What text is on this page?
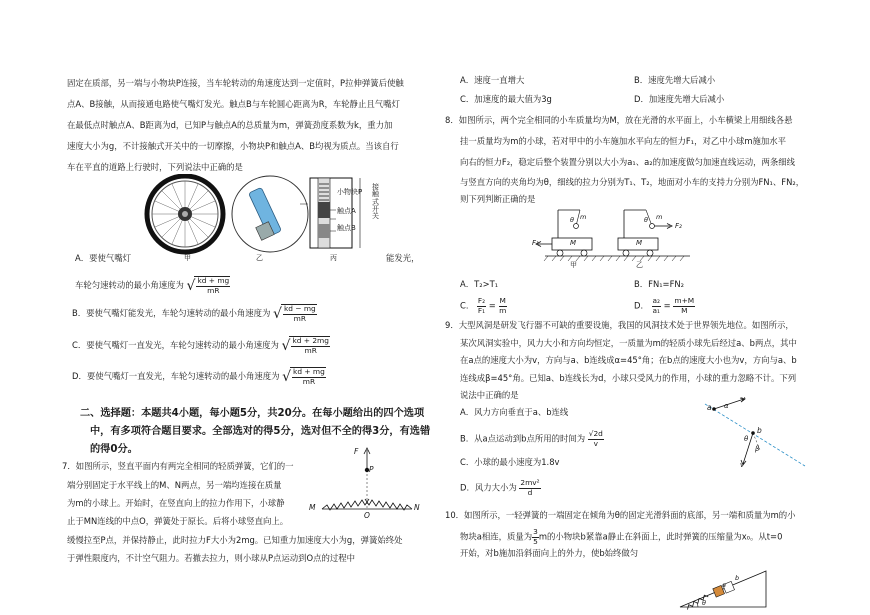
固定在质部，另一端与小物块P连接，当车轮转动的角速度达到一定值时，P拉伸弹簧后使触
点A、B接触，从而接通电路使气嘴灯发光。触点B与车轮圆心距离为R，车轮静止且气嘴灯
在最低点时触点A、B距离为d，已知P与触点A的总质量为m，弹簧劲度系数为k，重力加
速度大小为g，不计接触式开关中的一切摩擦，小物块P和触点A、B均视为质点。当该自行
车在平直的道路上行驶时，下列说法中正确的是
小物块P
触点A
触点B
接触式开关
甲	乙	丙
A．要使气嘴灯	能发光，
车轮匀速转动的最小角速度为 √ $\frac{kd + mg}{mR}$
B．要使气嘴灯能发光，车轮匀速转动的最小角速度为 √ $\frac{kd - mg}{mR}$
C．要使气嘴灯一直发光，车轮匀速转动的最小角速度为 √ $\frac{kd + 2mg}{mR}$
D．要使气嘴灯一直发光，车轮匀速转动的最小角速度为 √ $\frac{kd + mg}{mR}$
二、选择题：本题共4小题，每小题5分，共20分。在每小题给出的四个选项
中，有多项符合题目要求。全部选对的得5分，选对但不全的得3分，有选错
的得0分。
7．如图所示，竖直平面内有两完全相同的轻质弹簧，它们的一
端分别固定于水平线上的M、N两点，另一端均连接在质量
为m的小球上。开始时，在竖直向上的拉力作用下，小球静
止于MN连线的中点O，弹簧处于原长。后将小球竖直向上。
缓慢拉至P点，并保持静止，此时拉力F大小为2mg。已知重力加速度大小为g，弹簧始终处
于弹性限度内，不计空气阻力。若撤去拉力，则小球从P点运动到O点的过程中
F
P
M
O
N
A．速度一直增大	B．速度先增大后减小
C．加速度的最大值为3g	D．加速度先增大后减小
8．如图所示，两个完全相同的小车质量均为M，放在光滑的水平面上，小车横梁上用细线各悬
挂一质量均为m的小球，若对甲中的小车施加水平向左的恒力F₁，对乙中小球m施加水平
向右的恒力F₂，稳定后整个装置分别以大小为a₁、a₂的加速度做匀加速直线运动，两条细线
与竖直方向的夹角均为θ，细线的拉力分别为T₁、T₂，地面对小车的支持力分别为FN₁、FN₂，
则下列判断正确的是
F₁
F₂
M	M
m	m
θ	θ
甲	乙
A．T₂>T₁	B．FN₁=FN₂
C． $\frac{\text{F₂}}{\text{F₁}} = \frac{M}{m}$	D． $\frac{\text{a₂}}{\text{a₁}} = \frac{m+M}{M}$
9．大型风洞是研发飞行器不可缺的重要设施，我国的风洞技术处于世界领先地位。如图所示，
某次风洞实验中，风力大小和方向均恒定，一质量为m的轻质小球先后经过a、b两点，其中
在a点的速度大小为v，方向与a、b连线成α=45°角；在b点的速度大小也为v，方向与a、b
连线成β=45°角。已知a、b连线长为d，小球只受风力的作用，小球的重力忽略不计。下列
说法中正确的是
A．风力方向垂直于a、b连线
B．从a点运动到b点所用的时间为 $\frac{√2d}{v}$
C．小球的最小速度为1.8v
D．风力大小为 $\frac{\text{2mv²}}{d}$
a α
v
b
θ
β
v
10．如图所示，一轻弹簧的一端固定在倾角为θ的固定光滑斜面的底部，另一端和质量为m的小
物块a相连，质量为 $\frac{3}{5}$ m的小物块b紧靠a静止在斜面上，此时弹簧的压缩量为x₀。从t=0
开始，对b施加沿斜面向上的外力，使b始终做匀
a
b
θ
